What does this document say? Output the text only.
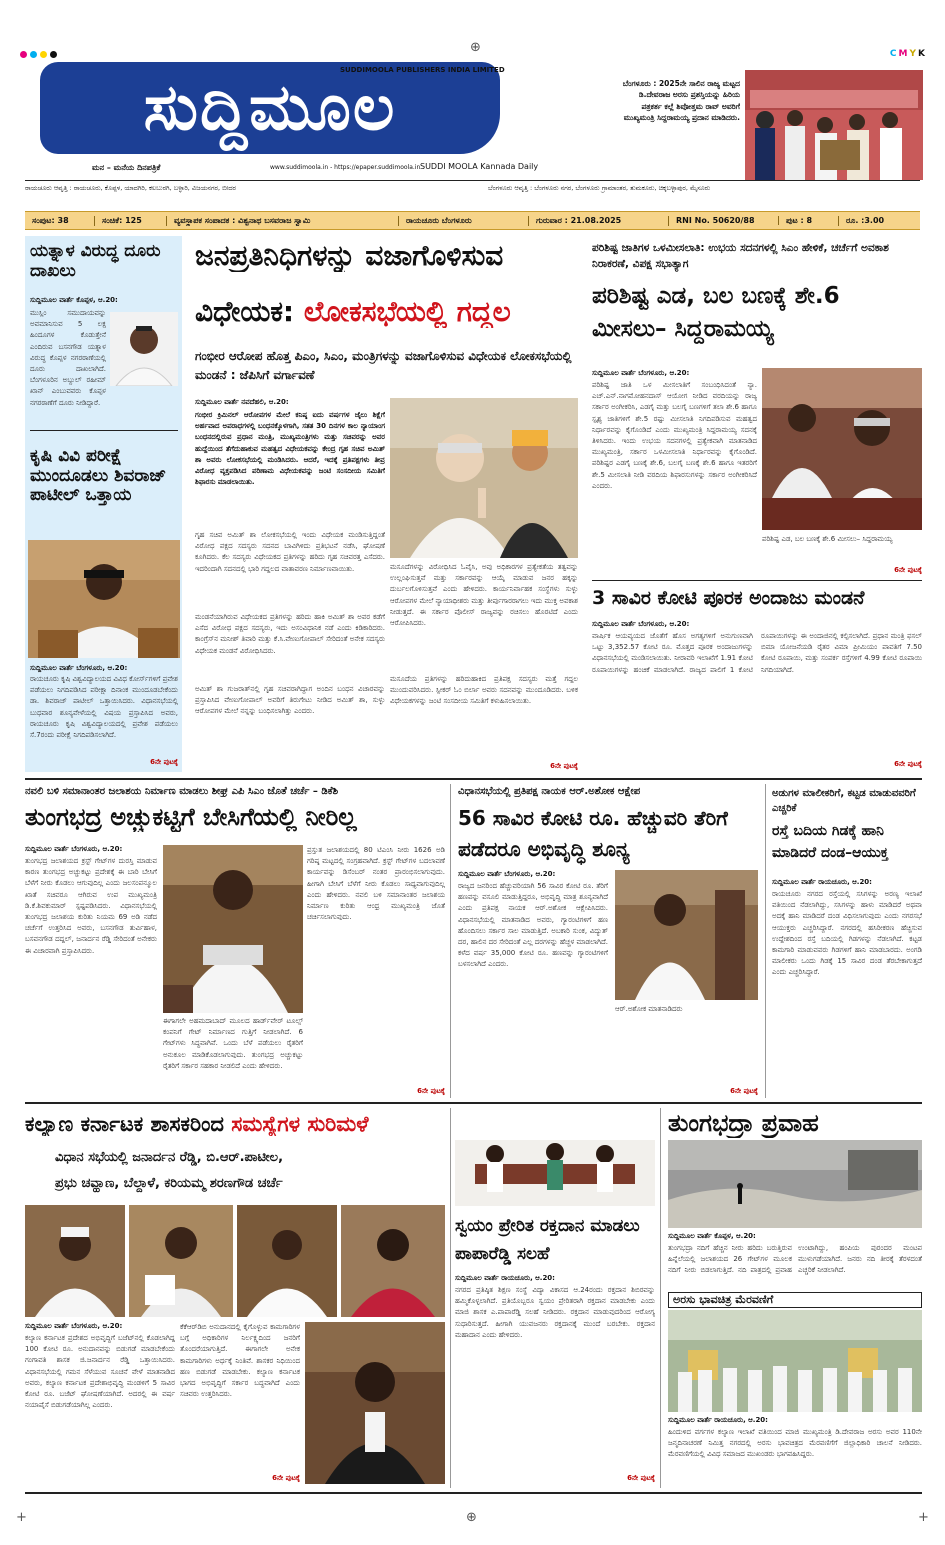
C M Y K
⊕
ಸುದ್ದಿಮೂಲ
SUDDIMOOLA PUBLISHERS INDIA LIMITED
ಮನ – ಮನೆಯ ದಿನಪತ್ರಿಕೆ	www.suddimoola.in - https://epaper.suddimoola.in SUDDI MOOLA Kannada Daily
ಬೆಂಗಳೂರು : 2025ನೇ ಸಾಲಿನ ರಾಜ್ಯ ಮಟ್ಟದ ಡಿ.ದೇವರಾಜ ಅರಸು ಪ್ರಶಸ್ತಿಯನ್ನು ಹಿರಿಯ ಪತ್ರಕರ್ತ ಕಲ್ಲೆ ಶಿವೋತ್ತಮ ರಾವ್ ಅವರಿಗೆ ಮುಖ್ಯಮಂತ್ರಿ ಸಿದ್ದರಾಮಯ್ಯ ಪ್ರದಾನ ಮಾಡಿದರು.
ರಾಯಚೂರು ಆವೃತ್ತಿ : ರಾಯಚೂರು, ಕೊಪ್ಪಳ, ಯಾದಗಿರಿ, ಕಲಬುರಗಿ, ಬಳ್ಳಾರಿ, ವಿಜಯನಗರ, ಬೀದರ	ಬೆಂಗಳೂರು ಆವೃತ್ತಿ : ಬೆಂಗಳೂರು ನಗರ, ಬೆಂಗಳೂರು ಗ್ರಾಮಾಂತರ, ತುಮಕೂರು, ಚಿಕ್ಕಬಳ್ಳಾಪುರ, ಮೈಸೂರು
ಸಂಪುಟ: 38	ಸಂಚಿಕೆ: 125	ವ್ಯವಸ್ಥಾಪಕ ಸಂಪಾದಕ : ವಿಶ್ವನಾಥ ಬಸವರಾಜ ಸ್ವಾಮಿ	ರಾಯಚೂರು ಬೆಂಗಳೂರು	ಗುರುವಾರ : 21.08.2025	RNI No. 50620/88	ಪುಟ : 8	ರೂ. :3.00
ಯತ್ನಾಳ ವಿರುದ್ಧ ದೂರು ದಾಖಲು
ಸುದ್ದಿಮೂಲ ವಾರ್ತೆ ಕೊಪ್ಪಳ, ಆ.20:
ಮುಸ್ಲಿಂ ಸಮುದಾಯವನ್ನು ಅವಮಾನಿಸುವ 5 ಲಕ್ಷ ಹಿಂದೂಗಳ ಕೊಡುತ್ತೇನೆ ಎಂದಿರುವ ಬಸನಗೌಡ ಯತ್ನಾಳ ವಿರುದ್ಧ ಕೊಪ್ಪಳ ನಗರಠಾಣೆಯಲ್ಲಿ ದೂರು ದಾಖಲಾಗಿದೆ. ಬೆಂಗಳೂರಿನ ಅಬ್ದುಲ್ ರಹೀಮ್ ಖಾನ್ ಎಂಬುವವರು ಕೊಪ್ಪಳ ನಗರಠಾಣೆಗೆ ದೂರು ನೀಡಿದ್ದಾರೆ.
ಕೃಷಿ ವಿವಿ ಪರೀಕ್ಷೆ ಮುಂದೂಡಲು ಶಿವರಾಜ್ ಪಾಟೀಲ್ ಒತ್ತಾಯ
ಸುದ್ದಿಮೂಲ ವಾರ್ತೆ ಬೆಂಗಳೂರು, ಆ.20:
ರಾಯಚೂರು ಕೃಷಿ ವಿಶ್ವವಿದ್ಯಾಲಯದ ವಿವಿಧ ಕೋರ್ಸ್‌ಗಳಿಗೆ ಪ್ರವೇಶ ಪಡೆಯಲು ನಿಗದಿಪಡಿಸಿದ ಪರೀಕ್ಷಾ ದಿನಾಂಕ ಮುಂದೂಡಬೇಕೆಂದು ಡಾ. ಶಿವರಾಜ್ ಪಾಟೀಲ್ ಒತ್ತಾಯಿಸಿದರು. ವಿಧಾನಸಭೆಯಲ್ಲಿ ಬುಧವಾರ ಶೂನ್ಯವೇಳೆಯಲ್ಲಿ ವಿಷಯ ಪ್ರಸ್ತಾಪಿಸಿದ ಅವರು, ರಾಯಚೂರು ಕೃಷಿ ವಿಶ್ವವಿದ್ಯಾಲಯದಲ್ಲಿ ಪ್ರವೇಶ ಪಡೆಯಲು ಸೆ.7ರಂದು ಪರೀಕ್ಷೆ ನಿಗದಿಪಡಿಸಲಾಗಿದೆ.
6ನೇ ಪುಟಕ್ಕೆ
ಜನಪ್ರತಿನಿಧಿಗಳನ್ನು ವಜಾಗೊಳಿಸುವ
ವಿಧೇಯಕ: ಲೋಕಸಭೆಯಲ್ಲಿ ಗದ್ದಲ
ಗಂಭೀರ ಆರೋಪ ಹೊತ್ತ ಪಿಎಂ, ಸಿಎಂ, ಮಂತ್ರಿಗಳನ್ನು ವಜಾಗೊಳಿಸುವ ವಿಧೇಯಕ ಲೋಕಸಭೆಯಲ್ಲಿ ಮಂಡನೆ : ಜೆಪಿಸಿಗೆ ವರ್ಗಾವಣೆ
ಸುದ್ದಿಮೂಲ ವಾರ್ತೆ ನವದೆಹಲಿ, ಆ.20:
ಗಂಭೀರ ಕ್ರಿಮಿನಲ್ ಆರೋಪಗಳ ಮೇಲೆ ಕನಿಷ್ಠ ಐದು ವರ್ಷಗಳ ಜೈಲು ಶಿಕ್ಷೆಗೆ ಅರ್ಹವಾದ ಅಪರಾಧಗಳಲ್ಲಿ ಬಂಧನಕ್ಕೊಳಗಾಗಿ, ಸತತ 30 ದಿನಗಳ ಕಾಲ ನ್ಯಾಯಾಂಗ ಬಂಧನದಲ್ಲಿರುವ ಪ್ರಧಾನ ಮಂತ್ರಿ, ಮುಖ್ಯಮಂತ್ರಿಗಳು ಮತ್ತು ಸಚಿವರನ್ನು ಅವರ ಹುದ್ದೆಯಿಂದ ತೆಗೆದುಹಾಕುವ ಮಹತ್ವದ ವಿಧೇಯಕವನ್ನು ಕೇಂದ್ರ ಗೃಹ ಸಚಿವ ಅಮಿತ್ ಶಾ ಅವರು ಲೋಕಸಭೆಯಲ್ಲಿ ಮಂಡಿಸಿದರು. ಆದರೆ, ಇದಕ್ಕೆ ಪ್ರತಿಪಕ್ಷಗಳು ತೀವ್ರ ವಿರೋಧ ವ್ಯಕ್ತಪಡಿಸಿದ ಪರಿಣಾಮ ವಿಧೇಯಕವನ್ನು ಜಂಟಿ ಸಂಸದೀಯ ಸಮಿತಿಗೆ ಶಿಫಾರಸು ಮಾಡಲಾಯಿತು.
ಗೃಹ ಸಚಿವ ಅಮಿತ್ ಶಾ ಲೋಕಸಭೆಯಲ್ಲಿ ಇಂದು ವಿಧೇಯಕ ಮಂಡಿಸುತ್ತಿದ್ದಂತೆ ವಿರೋಧ ಪಕ್ಷದ ಸದಸ್ಯರು ಸದನದ ಬಾವಿಗಿಳಿದು ಪ್ರತಿಭಟನೆ ನಡೆಸಿ, ಘೋಷಣೆ ಕೂಗಿದರು. ಕೆಲ ಸದಸ್ಯರು ವಿಧೇಯಕದ ಪ್ರತಿಗಳನ್ನು ಹರಿದು ಗೃಹ ಸಚಿವರತ್ತ ಎಸೆದರು. ಇದರಿಂದಾಗಿ ಸದನದಲ್ಲಿ ಭಾರಿ ಗದ್ದಲದ ವಾತಾವರಣ ನಿರ್ಮಾಣವಾಯಿತು.
ಮಂಡನೆಯಾಗಿರುವ ವಿಧೇಯಕದ ಪ್ರತಿಗಳನ್ನು ಹರಿದು ಹಾಕಿ ಅಮಿತ್ ಶಾ ಅವರ ಕಡೆಗೆ ಎಸೆದ ವಿರೋಧ ಪಕ್ಷದ ಸದಸ್ಯರು, ಇದು ಅಸಂವಿಧಾನಿಕ ನಡೆ ಎಂದು ಕಿಡಿಕಾರಿದರು. ಕಾಂಗ್ರೆಸ್‌ನ ಮನೀಶ್ ತಿವಾರಿ ಮತ್ತು ಕೆ.ಸಿ.ವೇಣುಗೋಪಾಲ್ ಸೇರಿದಂತೆ ಅನೇಕ ಸದಸ್ಯರು ವಿಧೇಯಕ ಮಂಡನೆ ವಿರೋಧಿಸಿದರು.
ಅಮಿತ್ ಶಾ ಗುಜರಾತ್‌ನಲ್ಲಿ ಗೃಹ ಸಚಿವರಾಗಿದ್ದಾಗ ಅಂದಿನ ಬಂಧನ ವಿಚಾರವನ್ನು ಪ್ರಸ್ತಾಪಿಸಿದ ವೇಣುಗೋಪಾಲ್ ಅವರಿಗೆ ತಿರುಗೇಟು ನೀಡಿದ ಅಮಿತ್ ಶಾ, ಸುಳ್ಳು ಆರೋಪಗಳ ಮೇಲೆ ನನ್ನನ್ನು ಬಂಧಿಸಲಾಗಿತ್ತು ಎಂದರು.
ಮಸೂದೆಗಳನ್ನು ವಿರೋಧಿಸಿದ ಓವೈಸಿ, ಅವು ಅಧಿಕಾರಗಳ ಪ್ರತ್ಯೇಕತೆಯ ತತ್ವವನ್ನು ಉಲ್ಲಂಘಿಸುತ್ತವೆ ಮತ್ತು ಸರ್ಕಾರವನ್ನು ಆಯ್ಕೆ ಮಾಡುವ ಜನರ ಹಕ್ಕನ್ನು ದುರ್ಬಲಗೊಳಿಸುತ್ತವೆ ಎಂದು ಹೇಳಿದರು. ಕಾರ್ಯನಿರ್ವಾಹಕ ಸಂಸ್ಥೆಗಳು ಸುಳ್ಳು ಆರೋಪಗಳ ಮೇಲೆ ನ್ಯಾಯಾಧೀಶರು ಮತ್ತು ತೀರ್ಪುಗಾರರಾಗಲು ಇದು ಮುಕ್ತ ಅವಕಾಶ ನೀಡುತ್ತದೆ. ಈ ಸರ್ಕಾರ ಪೊಲೀಸ್ ರಾಜ್ಯವನ್ನು ರಚಿಸಲು ಹೊರಟಿದೆ ಎಂದು ಆರೋಪಿಸಿದರು.
ಮಸೂದೆಯ ಪ್ರತಿಗಳನ್ನು ಹರಿದುಹಾಕಿದ ಪ್ರತಿಪಕ್ಷ ಸದಸ್ಯರು ಮತ್ತೆ ಗದ್ದಲ ಮುಂದುವರಿಸಿದರು. ಸ್ಪೀಕರ್ ಓಂ ಬಿರ್ಲಾ ಅವರು ಸದನವನ್ನು ಮುಂದೂಡಿದರು. ಬಳಿಕ ವಿಧೇಯಕಗಳನ್ನು ಜಂಟಿ ಸಂಸದೀಯ ಸಮಿತಿಗೆ ಕಳುಹಿಸಲಾಯಿತು.
6ನೇ ಪುಟಕ್ಕೆ
ಪರಿಶಿಷ್ಟ ಜಾತಿಗಳ ಒಳಮೀಸಲಾತಿ: ಉಭಯ ಸದನಗಳಲ್ಲಿ ಸಿಎಂ ಹೇಳಿಕೆ, ಚರ್ಚೆಗೆ ಅವಕಾಶ ನಿರಾಕರಣೆ, ವಿಪಕ್ಷ ಸಭಾತ್ಯಾಗ
ಪರಿಶಿಷ್ಟ ಎಡ, ಬಲ ಬಣಕ್ಕೆ ಶೇ.6 ಮೀಸಲು– ಸಿದ್ದರಾಮಯ್ಯ
ಸುದ್ದಿಮೂಲ ವಾರ್ತೆ ಬೆಂಗಳೂರು, ಆ.20:
ಪರಿಶಿಷ್ಟ ಜಾತಿ ಒಳ ಮೀಸಲಾತಿಗೆ ಸಂಬಂಧಿಸಿದಂತೆ ನ್ಯಾ. ಎಚ್.ಎನ್.ನಾಗಮೋಹನದಾಸ್ ಆಯೋಗ ನೀಡಿದ ವರದಿಯನ್ನು ರಾಜ್ಯ ಸರ್ಕಾರ ಅಂಗೀಕರಿಸಿ, ಎಡಗೈ ಮತ್ತು ಬಲಗೈ ಬಣಗಳಿಗೆ ತಲಾ ಶೇ.6 ಹಾಗೂ ಸ್ಪೃಶ್ಯ ಜಾತಿಗಳಿಗೆ ಶೇ.5 ರಷ್ಟು ಮೀಸಲಾತಿ ನಿಗದಿಪಡಿಸುವ ಮಹತ್ವದ ನಿರ್ಧಾರವನ್ನು ಕೈಗೊಂಡಿದೆ ಎಂದು ಮುಖ್ಯಮಂತ್ರಿ ಸಿದ್ದರಾಮಯ್ಯ ಸದನಕ್ಕೆ ತಿಳಿಸಿದರು. ಇಂದು ಉಭಯ ಸದನಗಳಲ್ಲಿ ಪ್ರತ್ಯೇಕವಾಗಿ ಮಾತನಾಡಿದ ಮುಖ್ಯಮಂತ್ರಿ, ಸರ್ಕಾರ ಒಳಮೀಸಲಾತಿ ನಿರ್ಧಾರವನ್ನು ಕೈಗೊಂಡಿದೆ. ಪರಿಶಿಷ್ಟರ ಎಡಗೈ ಬಣಕ್ಕೆ ಶೇ.6, ಬಲಗೈ ಬಣಕ್ಕೆ ಶೇ.6 ಹಾಗೂ ಇತರರಿಗೆ ಶೇ.5 ಮೀಸಲಾತಿ ನೀಡಿ ವರದಿಯ ಶಿಫಾರಸುಗಳನ್ನು ಸರ್ಕಾರ ಅಂಗೀಕರಿಸಿದೆ ಎಂದರು.
ಪರಿಶಿಷ್ಟ ಎಡ, ಬಲ ಬಣಕ್ಕೆ ಶೇ.6 ಮೀಸಲು– ಸಿದ್ದರಾಮಯ್ಯ
6ನೇ ಪುಟಕ್ಕೆ
3 ಸಾವಿರ ಕೋಟಿ ಪೂರಕ ಅಂದಾಜು ಮಂಡನೆ
ಸುದ್ದಿಮೂಲ ವಾರ್ತೆ ಬೆಂಗಳೂರು, ಆ.20:
ವಾರ್ಷಿಕ ಆಯವ್ಯಯದ ಜೊತೆಗೆ ಹೊಸ ಅಗತ್ಯಗಳಿಗೆ ಅನುಗುಣವಾಗಿ ಒಟ್ಟು 3,352.57 ಕೋಟಿ ರೂ. ಮೊತ್ತದ ಪೂರಕ ಅಂದಾಜುಗಳನ್ನು ವಿಧಾನಸಭೆಯಲ್ಲಿ ಮಂಡಿಸಲಾಯಿತು. ನೀರಾವರಿ ಇಲಾಖೆಗೆ 1.91 ಕೋಟಿ ರೂಪಾಯಿಗಳನ್ನು ಹಂಚಿಕೆ ಮಾಡಲಾಗಿದೆ. ರಾಜ್ಯದ ಪಾಲಿಗೆ 1 ಕೋಟಿ ರೂಪಾಯಿಗಳನ್ನು ಈ ಅಂದಾಜಿನಲ್ಲಿ ಕಲ್ಪಿಸಲಾಗಿದೆ. ಪ್ರಧಾನ ಮಂತ್ರಿ ಫಸಲ್ ಬಿಮಾ ಯೋಜನೆಯಡಿ ರೈತರ ವಿಮಾ ಪ್ರೀಮಿಯಂ ಪಾವತಿಗೆ 7.50 ಕೋಟಿ ರೂಪಾಯಿ, ಮತ್ತು ಸಂಪರ್ಕ ರಸ್ತೆಗಳಿಗೆ 4.99 ಕೋಟಿ ರೂಪಾಯಿ ನಿಗದಿಯಾಗಿದೆ.
6ನೇ ಪುಟಕ್ಕೆ
ನವಲಿ ಬಳಿ ಸಮಾನಾಂತರ ಜಲಾಶಯ ನಿರ್ಮಾಣ ಮಾಡಲು ಶೀಘ್ರ ಎಪಿ ಸಿಎಂ ಜೊತೆ ಚರ್ಚೆ – ಡಿಕೆಶಿ
ತುಂಗಭದ್ರ ಅಚ್ಚುಕಟ್ಟಿಗೆ ಬೇಸಿಗೆಯಲ್ಲಿ ನೀರಿಲ್ಲ
ಸುದ್ದಿಮೂಲ ವಾರ್ತೆ ಬೆಂಗಳೂರು, ಆ.20:
ತುಂಗಭದ್ರ ಜಲಾಶಯದ ಕ್ರಸ್ಟ್ ಗೇಟ್‌ಗಳ ದುರಸ್ತಿ ಮಾಡುವ ಕಾರಣ ತುಂಗಭದ್ರ ಅಚ್ಚುಕಟ್ಟು ಪ್ರದೇಶಕ್ಕೆ ಈ ಬಾರಿ ಬೇಸಿಗೆ ಬೆಳೆಗೆ ನೀರು ಕೊಡಲು ಆಗುವುದಿಲ್ಲ ಎಂದು ಜಲಸಂಪನ್ಮೂಲ ಖಾತೆ ಸಚಿವರೂ ಆಗಿರುವ ಉಪ ಮುಖ್ಯಮಂತ್ರಿ ಡಿ.ಕೆ.ಶಿವಕುಮಾರ್ ಸ್ಪಷ್ಟಪಡಿಸಿದರು. ವಿಧಾನಸಭೆಯಲ್ಲಿ ತುಂಗಭದ್ರ ಜಲಾಶಯ ಕುರಿತು ನಿಯಮ 69 ಅಡಿ ನಡೆದ ಚರ್ಚೆಗೆ ಉತ್ತರಿಸಿದ ಅವರು, ಬಸನಗೌಡ ತುರ್ವಿಹಾಳ, ಬಸವನಗೌಡ ದದ್ದಲ್, ಜನಾರ್ದನ ರೆಡ್ಡಿ ಸೇರಿದಂತೆ ಅನೇಕರು ಈ ವಿಚಾರವಾಗಿ ಪ್ರಸ್ತಾಪಿಸಿದರು.
ಈಗಾಗಲೇ ಅಹಮದಾಬಾದ್ ಮೂಲದ ಹಾರ್ಡ್‌ವೇರ್ ಟೂಲ್ಸ್ ಕಂಪನಿಗೆ ಗೇಟ್ ನಿರ್ಮಾಣದ ಗುತ್ತಿಗೆ ನೀಡಲಾಗಿದೆ. 6 ಗೇಟ್‌ಗಳು ಸಿದ್ಧವಾಗಿವೆ. ಒಂದು ಬೆಳೆ ಪಡೆಯಲು ರೈತರಿಗೆ ಅನುಕೂಲ ಮಾಡಿಕೊಡಲಾಗುವುದು. ತುಂಗಭದ್ರ ಅಚ್ಚುಕಟ್ಟು ರೈತರಿಗೆ ಸರ್ಕಾರ ಸಹಕಾರ ನೀಡಲಿದೆ ಎಂದು ಹೇಳಿದರು.
ಪ್ರಸ್ತುತ ಜಲಾಶಯದಲ್ಲಿ 80 ಟಿಎಂಸಿ ನೀರು 1626 ಅಡಿ ಗರಿಷ್ಠ ಮಟ್ಟದಲ್ಲಿ ಸಂಗ್ರಹವಾಗಿದೆ. ಕ್ರಸ್ಟ್ ಗೇಟ್‌ಗಳ ಬದಲಾವಣೆ ಕಾರ್ಯವನ್ನು ಡಿಸೆಂಬರ್ ನಂತರ ಪ್ರಾರಂಭಿಸಲಾಗುವುದು. ಹೀಗಾಗಿ ಬೇಸಿಗೆ ಬೆಳೆಗೆ ನೀರು ಕೊಡಲು ಸಾಧ್ಯವಾಗುವುದಿಲ್ಲ ಎಂದು ಹೇಳಿದರು. ನವಲಿ ಬಳಿ ಸಮಾನಾಂತರ ಜಲಾಶಯ ನಿರ್ಮಾಣ ಕುರಿತು ಆಂಧ್ರ ಮುಖ್ಯಮಂತ್ರಿ ಜೊತೆ ಚರ್ಚಿಸಲಾಗುವುದು.
6ನೇ ಪುಟಕ್ಕೆ
ವಿಧಾನಸಭೆಯಲ್ಲಿ ಪ್ರತಿಪಕ್ಷ ನಾಯಕ ಆರ್.ಅಶೋಕ ಆಕ್ಷೇಪ
56 ಸಾವಿರ ಕೋಟಿ ರೂ. ಹೆಚ್ಚುವರಿ ತೆರಿಗೆ ಪಡೆದರೂ ಅಭಿವೃದ್ಧಿ ಶೂನ್ಯ
ಸುದ್ದಿಮೂಲ ವಾರ್ತೆ ಬೆಂಗಳೂರು, ಆ.20:
ರಾಜ್ಯದ ಜನರಿಂದ ಹೆಚ್ಚುವರಿಯಾಗಿ 56 ಸಾವಿರ ಕೋಟಿ ರೂ. ತೆರಿಗೆ ಹಣವನ್ನು ವಸೂಲಿ ಮಾಡುತ್ತಿದ್ದರೂ, ಅಭಿವೃದ್ಧಿ ಮಾತ್ರ ಶೂನ್ಯವಾಗಿದೆ ಎಂದು ಪ್ರತಿಪಕ್ಷ ನಾಯಕ ಆರ್.ಅಶೋಕ ಆಕ್ಷೇಪಿಸಿದರು. ವಿಧಾನಸಭೆಯಲ್ಲಿ ಮಾತನಾಡಿದ ಅವರು, ಗ್ಯಾರಂಟಿಗಳಿಗೆ ಹಣ ಹೊಂದಿಸಲು ಸರ್ಕಾರ ಸಾಲ ಮಾಡುತ್ತಿದೆ. ಅಬಕಾರಿ ಸುಂಕ, ವಿದ್ಯುತ್ ದರ, ಹಾಲಿನ ದರ ಸೇರಿದಂತೆ ಎಲ್ಲ ದರಗಳನ್ನು ಹೆಚ್ಚಳ ಮಾಡಲಾಗಿದೆ. ಕಳೆದ ವರ್ಷ 35,000 ಕೋಟಿ ರೂ. ಹಣವನ್ನು ಗ್ಯಾರಂಟಿಗಳಿಗೆ ಬಳಸಲಾಗಿದೆ ಎಂದರು.
ಆರ್.ಅಶೋಕ ಮಾತನಾಡಿದರು
6ನೇ ಪುಟಕ್ಕೆ
ಅಡುಗಳ ಮಾಲೀಕರಿಗೆ, ಕಟ್ಟಡ ಮಾಡುವವರಿಗೆ ಎಚ್ಚರಿಕೆ
ರಸ್ತೆ ಬದಿಯ ಗಿಡಕ್ಕೆ ಹಾನಿ ಮಾಡಿದರೆ ದಂಡ–ಆಯುಕ್ತ
ಸುದ್ದಿಮೂಲ ವಾರ್ತೆ ರಾಯಚೂರು, ಆ.20:
ರಾಯಚೂರು ನಗರದ ರಸ್ತೆಯಲ್ಲಿ ಸಸಿಗಳನ್ನು ಅರಣ್ಯ ಇಲಾಖೆ ವತಿಯಿಂದ ನೆಡಲಾಗಿದ್ದು, ಸಸಿಗಳನ್ನು ಹಾಳು ಮಾಡಿದರೆ ಅಥವಾ ಅದಕ್ಕೆ ಹಾನಿ ಮಾಡಿದರೆ ದಂಡ ವಿಧಿಸಲಾಗುವುದು ಎಂದು ನಗರಸಭೆ ಆಯುಕ್ತರು ಎಚ್ಚರಿಸಿದ್ದಾರೆ. ನಗರದಲ್ಲಿ ಹಸಿರೀಕರಣ ಹೆಚ್ಚಿಸುವ ಉದ್ದೇಶದಿಂದ ರಸ್ತೆ ಬದಿಯಲ್ಲಿ ಗಿಡಗಳನ್ನು ನೆಡಲಾಗಿದೆ. ಕಟ್ಟಡ ಕಾಮಗಾರಿ ಮಾಡುವವರು ಗಿಡಗಳಿಗೆ ಹಾನಿ ಮಾಡಬಾರದು. ಅಂಗಡಿ ಮಾಲೀಕರು ಒಂದು ಗಿಡಕ್ಕೆ 15 ಸಾವಿರ ದಂಡ ತೆರಬೇಕಾಗುತ್ತದೆ ಎಂದು ಎಚ್ಚರಿಸಿದ್ದಾರೆ.
ಕಲ್ಯಾಣ ಕರ್ನಾಟಕ ಶಾಸಕರಿಂದ ಸಮಸ್ಯೆಗಳ ಸುರಿಮಳೆ
ವಿಧಾನ ಸಭೆಯಲ್ಲಿ ಜನಾರ್ದನ ರೆಡ್ಡಿ, ಬಿ.ಆರ್.ಪಾಟೀಲ,
ಪ್ರಭು ಚವ್ಹಾಣ, ಬೆಲ್ದಾಳೆ, ಕರಿಯಮ್ಮ ಶರಣಗೌಡ ಚರ್ಚೆ
ಸುದ್ದಿಮೂಲ ವಾರ್ತೆ ಬೆಂಗಳೂರು, ಆ.20:
ಕಲ್ಯಾಣ ಕರ್ನಾಟಕ ಪ್ರದೇಶದ ಅಭಿವೃದ್ಧಿಗೆ ಬಜೆಟ್‌ನಲ್ಲಿ ಕೊಡಲಾಗಿದ್ದ 100 ಕೋಟಿ ರೂ. ಅನುದಾನವನ್ನು ಬಿಡುಗಡೆ ಮಾಡಬೇಕೆಂದು ಗಂಗಾವತಿ ಶಾಸಕ ಜಿ.ಜನಾರ್ದನ ರೆಡ್ಡಿ ಒತ್ತಾಯಿಸಿದರು. ವಿಧಾನಸಭೆಯಲ್ಲಿ ಗಮನ ಸೆಳೆಯುವ ಸೂಚನೆ ವೇಳೆ ಮಾತನಾಡಿದ ಅವರು, ಕಲ್ಯಾಣ ಕರ್ನಾಟಕ ಪ್ರದೇಶಾಭಿವೃದ್ಧಿ ಮಂಡಳಿಗೆ 5 ಸಾವಿರ ಕೋಟಿ ರೂ. ಬಜೆಟ್ ಘೋಷಣೆಯಾಗಿದೆ. ಅದರಲ್ಲಿ ಈ ವರ್ಷ ನಯಾಪೈಸೆ ಬಿಡುಗಡೆಯಾಗಿಲ್ಲ ಎಂದರು.
ಕೆಕೆಆರ್‌ಡಿಬಿ ಅನುದಾನದಲ್ಲಿ ಕೈಗೊಳ್ಳುವ ಕಾಮಗಾರಿಗಳ ಬಗ್ಗೆ ಅಧಿಕಾರಿಗಳ ನಿರ್ಲಕ್ಷ್ಯದಿಂದ ಜನರಿಗೆ ತೊಂದರೆಯಾಗುತ್ತಿದೆ. ಈಗಾಗಲೇ ಅನೇಕ ಕಾಮಗಾರಿಗಳು ಅರ್ಧಕ್ಕೆ ನಿಂತಿವೆ. ಶಾಸಕರ ನಿಧಿಯಿಂದ ಹಣ ಬಿಡುಗಡೆ ಮಾಡಬೇಕು. ಕಲ್ಯಾಣ ಕರ್ನಾಟಕ ಭಾಗದ ಅಭಿವೃದ್ಧಿಗೆ ಸರ್ಕಾರ ಬದ್ಧವಾಗಿದೆ ಎಂದು ಸಚಿವರು ಉತ್ತರಿಸಿದರು.
6ನೇ ಪುಟಕ್ಕೆ
ಸ್ವಯಂ ಪ್ರೇರಿತ ರಕ್ತದಾನ ಮಾಡಲು ಪಾಪಾರೆಡ್ಡಿ ಸಲಹೆ
ಸುದ್ದಿಮೂಲ ವಾರ್ತೆ ರಾಯಚೂರು, ಆ.20:
ನಗರದ ಪ್ರತಿಷ್ಠಿತ ಶಿಕ್ಷಣ ಸಂಸ್ಥೆ ವಿದ್ಯಾ ವಿಕಾಸದ ಆ.24ರಂದು ರಕ್ತದಾನ ಶಿಬಿರವನ್ನು ಹಮ್ಮಿಕೊಳ್ಳಲಾಗಿದೆ. ಪ್ರತಿಯೊಬ್ಬರೂ ಸ್ವಯಂ ಪ್ರೇರಿತರಾಗಿ ರಕ್ತದಾನ ಮಾಡಬೇಕು ಎಂದು ಮಾಜಿ ಶಾಸಕ ಎ.ಪಾಪಾರೆಡ್ಡಿ ಸಲಹೆ ನೀಡಿದರು. ರಕ್ತದಾನ ಮಾಡುವುದರಿಂದ ಆರೋಗ್ಯ ಸುಧಾರಿಸುತ್ತದೆ. ಹೀಗಾಗಿ ಯುವಜನರು ರಕ್ತದಾನಕ್ಕೆ ಮುಂದೆ ಬರಬೇಕು. ರಕ್ತದಾನ ಮಹಾದಾನ ಎಂದು ಹೇಳಿದರು.
6ನೇ ಪುಟಕ್ಕೆ
ತುಂಗಭದ್ರಾ ಪ್ರವಾಹ
ಸುದ್ದಿಮೂಲ ವಾರ್ತೆ ಕೊಪ್ಪಳ, ಆ.20:
ತುಂಗಭದ್ರಾ ನದಿಗೆ ಹೆಚ್ಚಿನ ನೀರು ಹರಿದು ಬರುತ್ತಿರುವ ಹಿನ್ನೆಲೆಯಲ್ಲಿ ಜಲಾಶಯದ 26 ಗೇಟ್‌ಗಳ ಮೂಲಕ ನದಿಗೆ ನೀರು ಬಿಡಲಾಗುತ್ತಿದೆ. ನದಿ ಪಾತ್ರದಲ್ಲಿ ಪ್ರವಾಹ ಉಂಟಾಗಿದ್ದು, ಹಂಪಿಯ ಪುರಂದರ ಮಂಟಪ ಮುಳುಗಡೆಯಾಗಿದೆ. ಜನರು ನದಿ ತೀರಕ್ಕೆ ತೆರಳದಂತೆ ಎಚ್ಚರಿಕೆ ನೀಡಲಾಗಿದೆ.
ಅರಸು ಭಾವಚಿತ್ರ ಮೆರವಣಿಗೆ
ಸುದ್ದಿಮೂಲ ವಾರ್ತೆ ರಾಯಚೂರು, ಆ.20:
ಹಿಂದುಳಿದ ವರ್ಗಗಳ ಕಲ್ಯಾಣ ಇಲಾಖೆ ವತಿಯಿಂದ ಮಾಜಿ ಮುಖ್ಯಮಂತ್ರಿ ಡಿ.ದೇವರಾಜ ಅರಸು ಅವರ 110ನೇ ಜನ್ಮದಿನಾಚರಣೆ ನಿಮಿತ್ತ ನಗರದಲ್ಲಿ ಅರಸು ಭಾವಚಿತ್ರದ ಮೆರವಣಿಗೆಗೆ ಜಿಲ್ಲಾಧಿಕಾರಿ ಚಾಲನೆ ನೀಡಿದರು. ಮೆರವಣಿಗೆಯಲ್ಲಿ ವಿವಿಧ ಸಮಾಜದ ಮುಖಂಡರು ಭಾಗವಹಿಸಿದ್ದರು.
+	⊕	+
